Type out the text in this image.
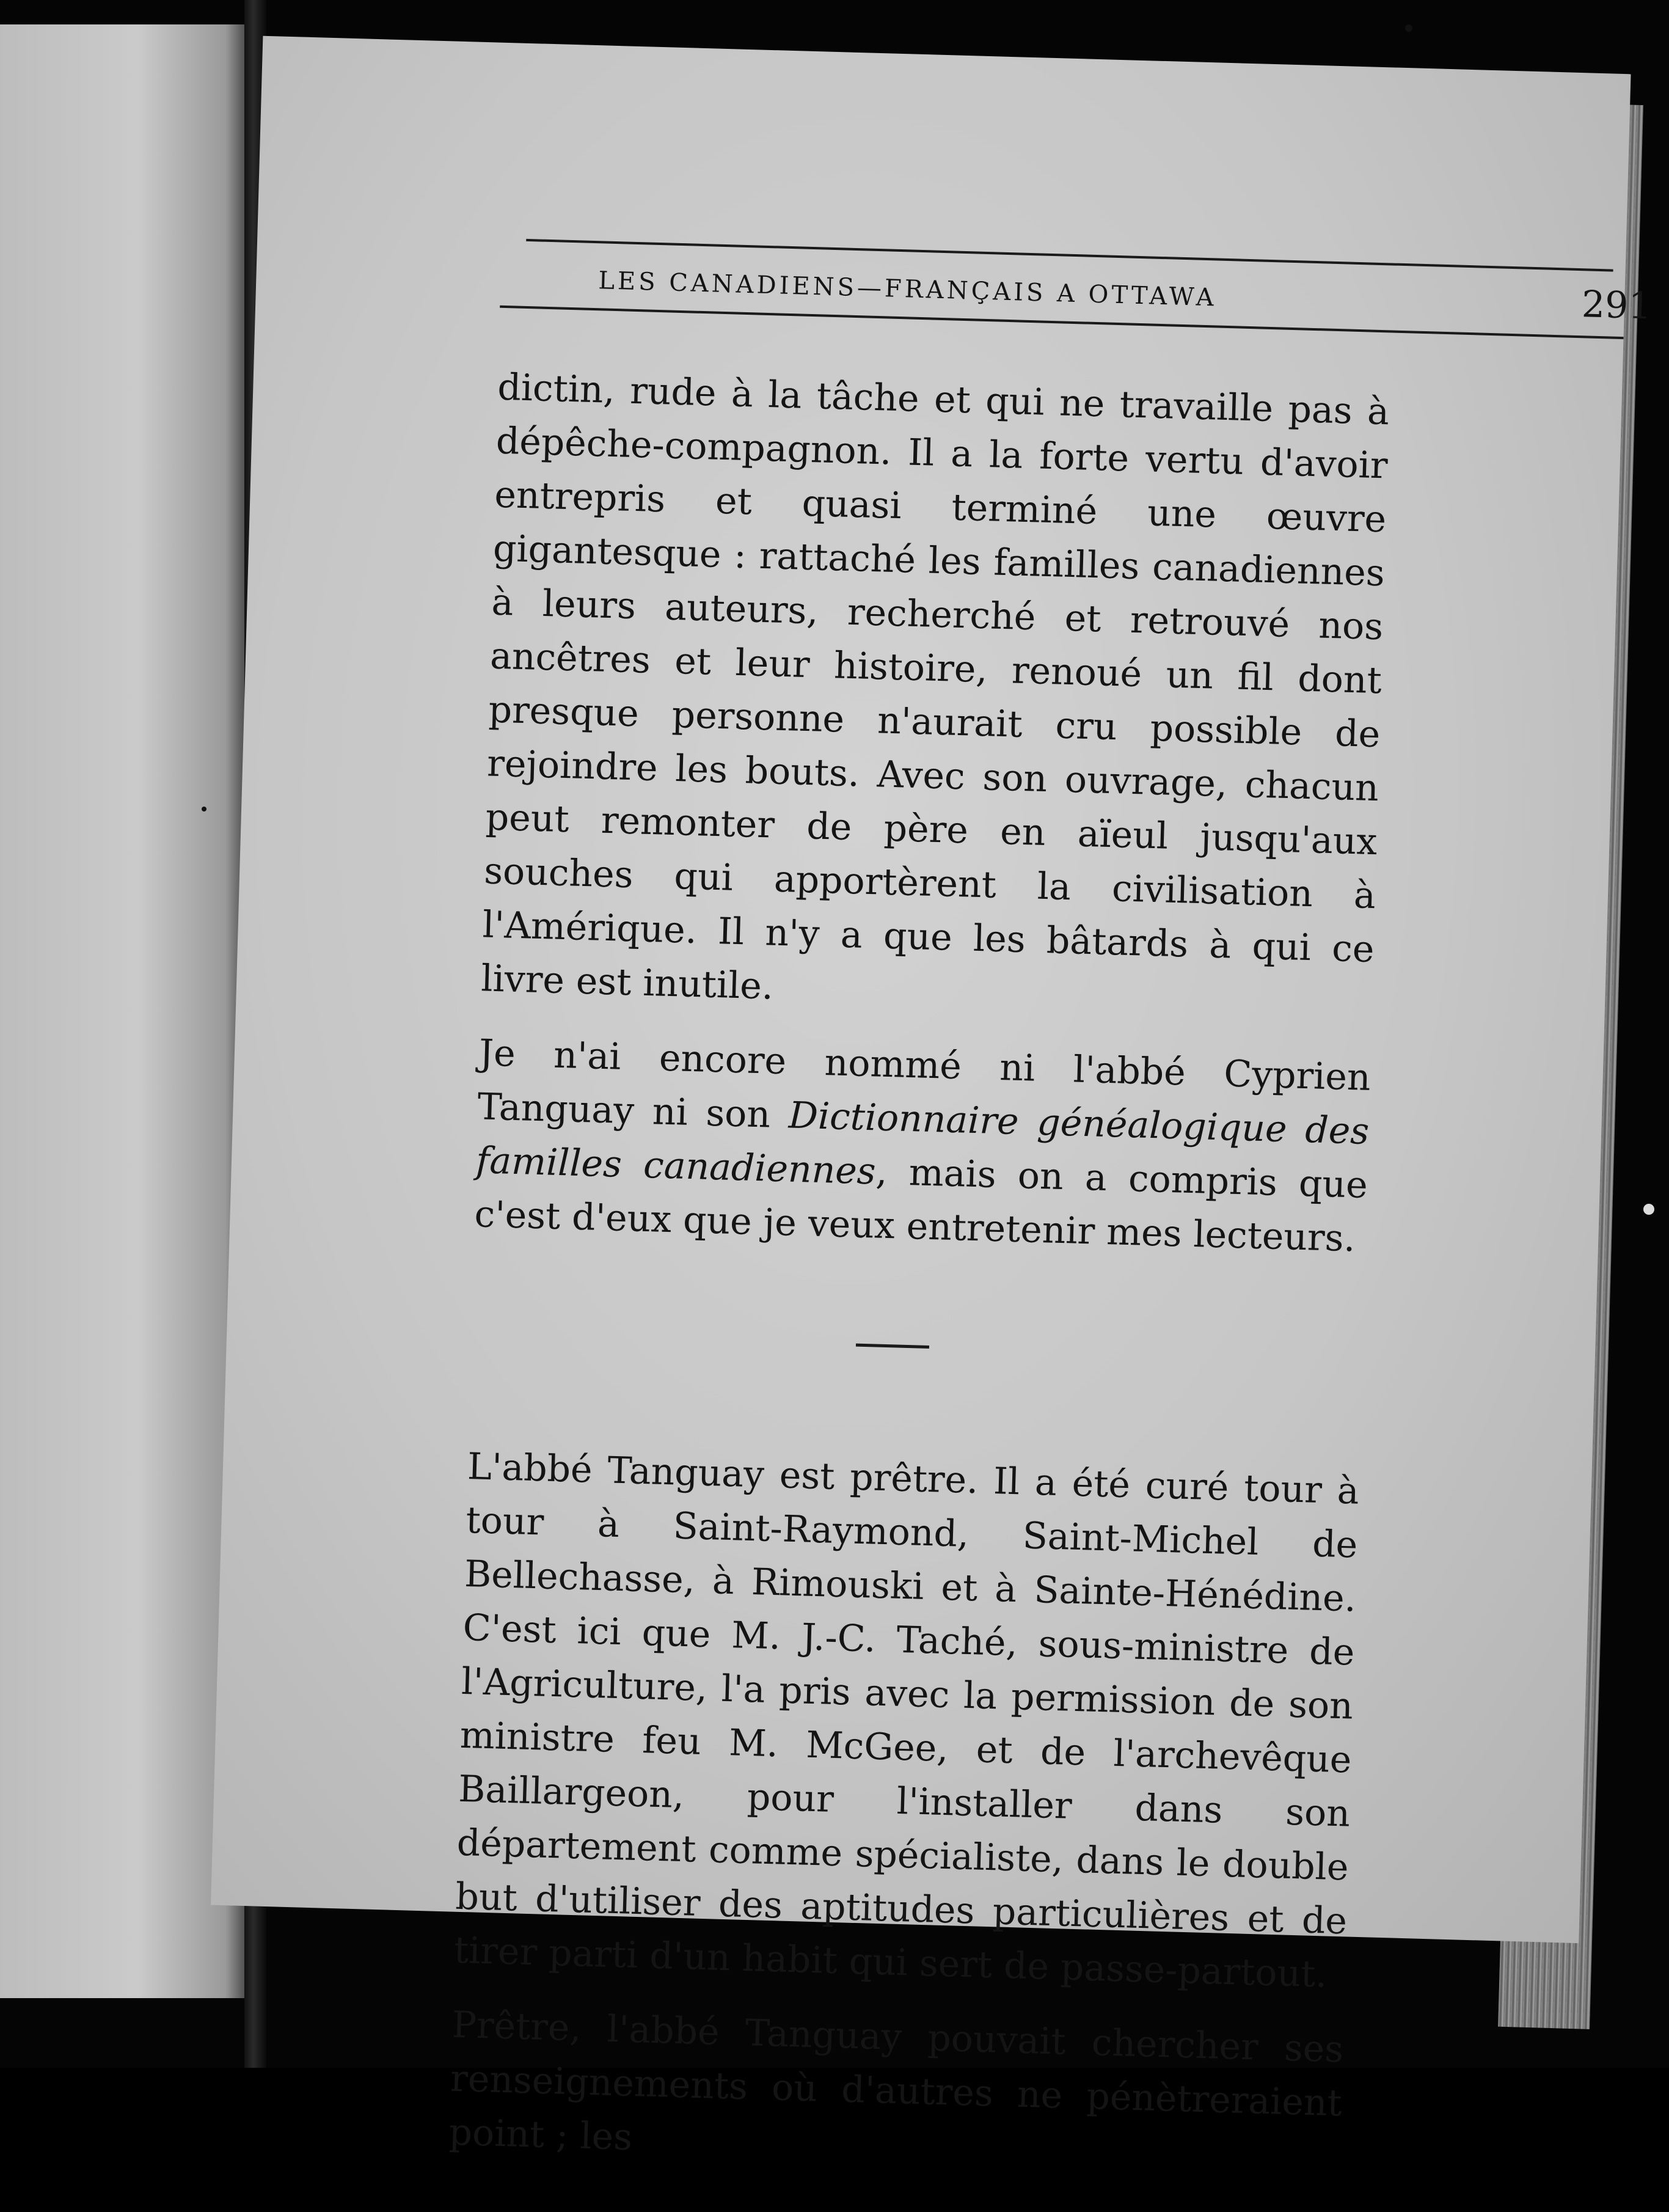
LES CANADIENS—FRANÇAIS A OTTAWA	291

dictin, rude à la tâche et qui ne travaille pas à dépêche-compagnon. Il a la forte vertu d'avoir entrepris et quasi terminé une œuvre gigantesque : rattaché les familles canadiennes à leurs auteurs, recherché et retrouvé nos ancêtres et leur histoire, renoué un fil dont presque personne n'aurait cru possible de rejoindre les bouts. Avec son ouvrage, chacun peut remonter de père en aïeul jusqu'aux souches qui apportèrent la civilisation à l'Amérique. Il n'y a que les bâtards à qui ce livre est inutile.

Je n'ai encore nommé ni l'abbé Cyprien Tanguay ni son Dictionnaire généalogique des familles canadiennes, mais on a compris que c'est d'eux que je veux entretenir mes lecteurs.

L'abbé Tanguay est prêtre. Il a été curé tour à tour à Saint-Raymond, Saint-Michel de Bellechasse, à Rimouski et à Sainte-Hénédine. C'est ici que M. J.-C. Taché, sous-ministre de l'Agriculture, l'a pris avec la permission de son ministre feu M. McGee, et de l'archevêque Baillargeon, pour l'installer dans son département comme spécialiste, dans le double but d'utiliser des aptitudes particulières et de tirer parti d'un habit qui sert de passe-partout.

Prêtre, l'abbé Tanguay pouvait chercher ses renseignements où d'autres ne pénètreraient point ; les
